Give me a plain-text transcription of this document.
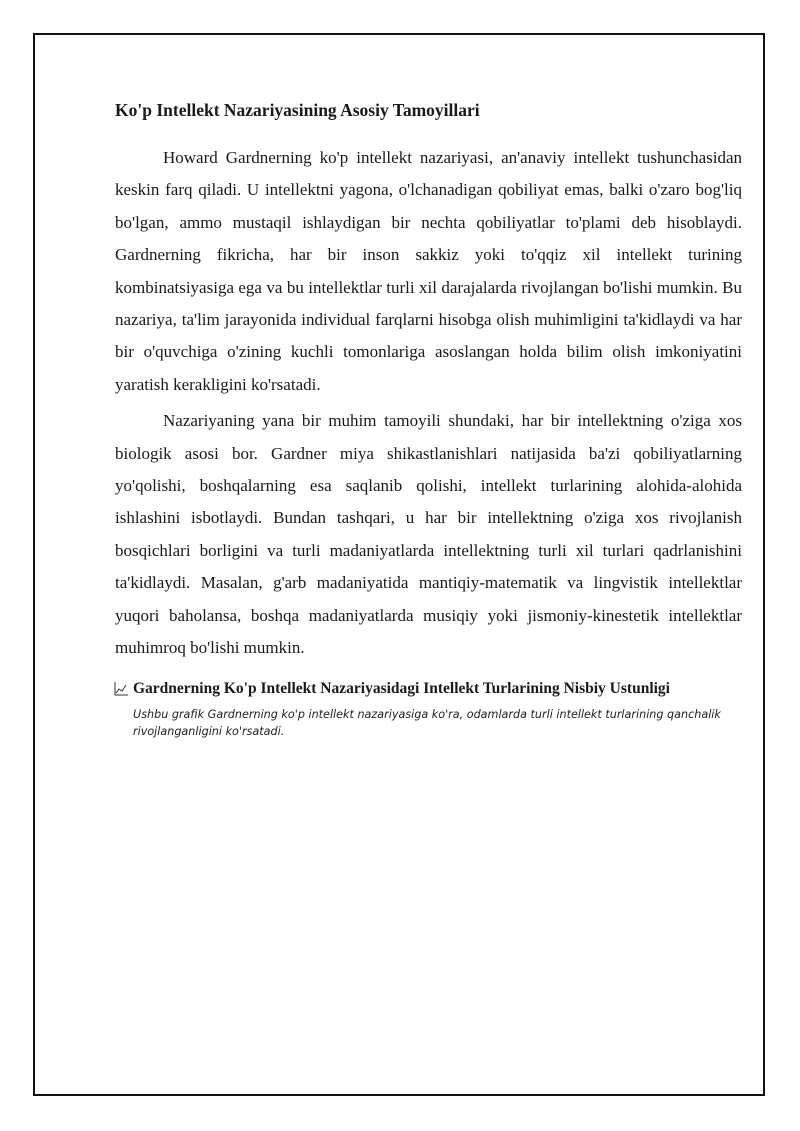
Ko'p Intellekt Nazariyasining Asosiy Tamoyillari

Howard Gardnerning ko'p intellekt nazariyasi, an'anaviy intellekt tushunchasidan keskin farq qiladi. U intellektni yagona, o'lchanadigan qobiliyat emas, balki o'zaro bog'liq bo'lgan, ammo mustaqil ishlaydigan bir nechta qobiliyatlar to'plami deb hisoblaydi. Gardnerning fikricha, har bir inson sakkiz yoki to'qqiz xil intellekt turining kombinatsiyasiga ega va bu intellektlar turli xil darajalarda rivojlangan bo'lishi mumkin. Bu nazariya, ta'lim jarayonida individual farqlarni hisobga olish muhimligini ta'kidlaydi va har bir o'quvchiga o'zining kuchli tomonlariga asoslangan holda bilim olish imkoniyatini yaratish kerakligini ko'rsatadi.

Nazariyaning yana bir muhim tamoyili shundaki, har bir intellektning o'ziga xos biologik asosi bor. Gardner miya shikastlanishlari natijasida ba'zi qobiliyatlarning yo'qolishi, boshqalarning esa saqlanib qolishi, intellekt turlarining alohida-alohida ishlashini isbotlaydi. Bundan tashqari, u har bir intellektning o'ziga xos rivojlanish bosqichlari borligini va turli madaniyatlarda intellektning turli xil turlari qadrlanishini ta'kidlaydi. Masalan, g'arb madaniyatida mantiqiy-matematik va lingvistik intellektlar yuqori baholansa, boshqa madaniyatlarda musiqiy yoki jismoniy-kinestetik intellektlar muhimroq bo'lishi mumkin.

Gardnerning Ko'p Intellekt Nazariyasidagi Intellekt Turlarining Nisbiy Ustunligi
Ushbu grafik Gardnerning ko'p intellekt nazariyasiga ko'ra, odamlarda turli intellekt turlarining qanchalik rivojlanganligini ko'rsatadi.
